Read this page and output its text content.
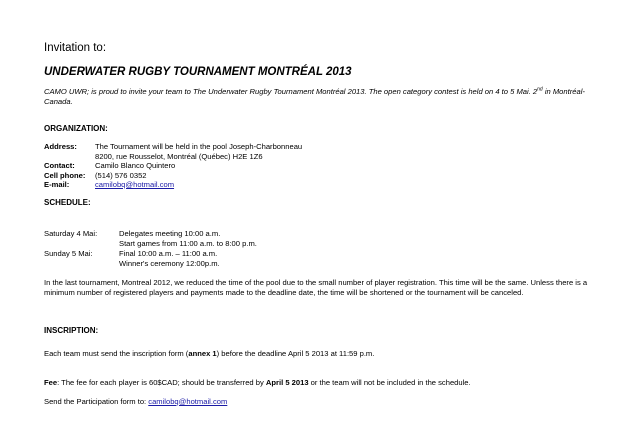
Invitation to:
UNDERWATER RUGBY TOURNAMENT MONTRÉAL 2013
CAMO UWR; is proud to invite your team to The Underwater Rugby Tournament Montréal 2013. The open category contest is held on 4 to 5 Mai. 2nd in Montréal-Canada.
ORGANIZATION:
Address: The Tournament will be held in the pool Joseph-Charbonneau
8200, rue Rousselot, Montréal (Québec) H2E 1Z6
Contact:	Camilo Blanco Quintero
Cell phone: (514) 576 0352
E-mail:	camilobq@hotmail.com
SCHEDULE:
Saturday 4 Mai:	Delegates meeting 10:00 a.m.
Start games from 11:00 a.m. to 8:00 p.m.
Sunday 5 Mai:	Final 10:00 a.m. – 11:00 a.m.
Winner's ceremony 12:00p.m.
In the last tournament, Montreal 2012, we reduced the time of the pool due to the small number of player registration. This time will be the same. Unless there is a minimum number of registered players and payments made to the deadline date, the time will be shortened or the tournament will be canceled.
INSCRIPTION:
Each team must send the inscription form (annex 1) before the deadline April 5 2013 at 11:59 p.m.
Fee: The fee for each player is 60$CAD; should be transferred by April 5 2013 or the team will not be included in the schedule.
Send the Participation form to: camilobq@hotmail.com
